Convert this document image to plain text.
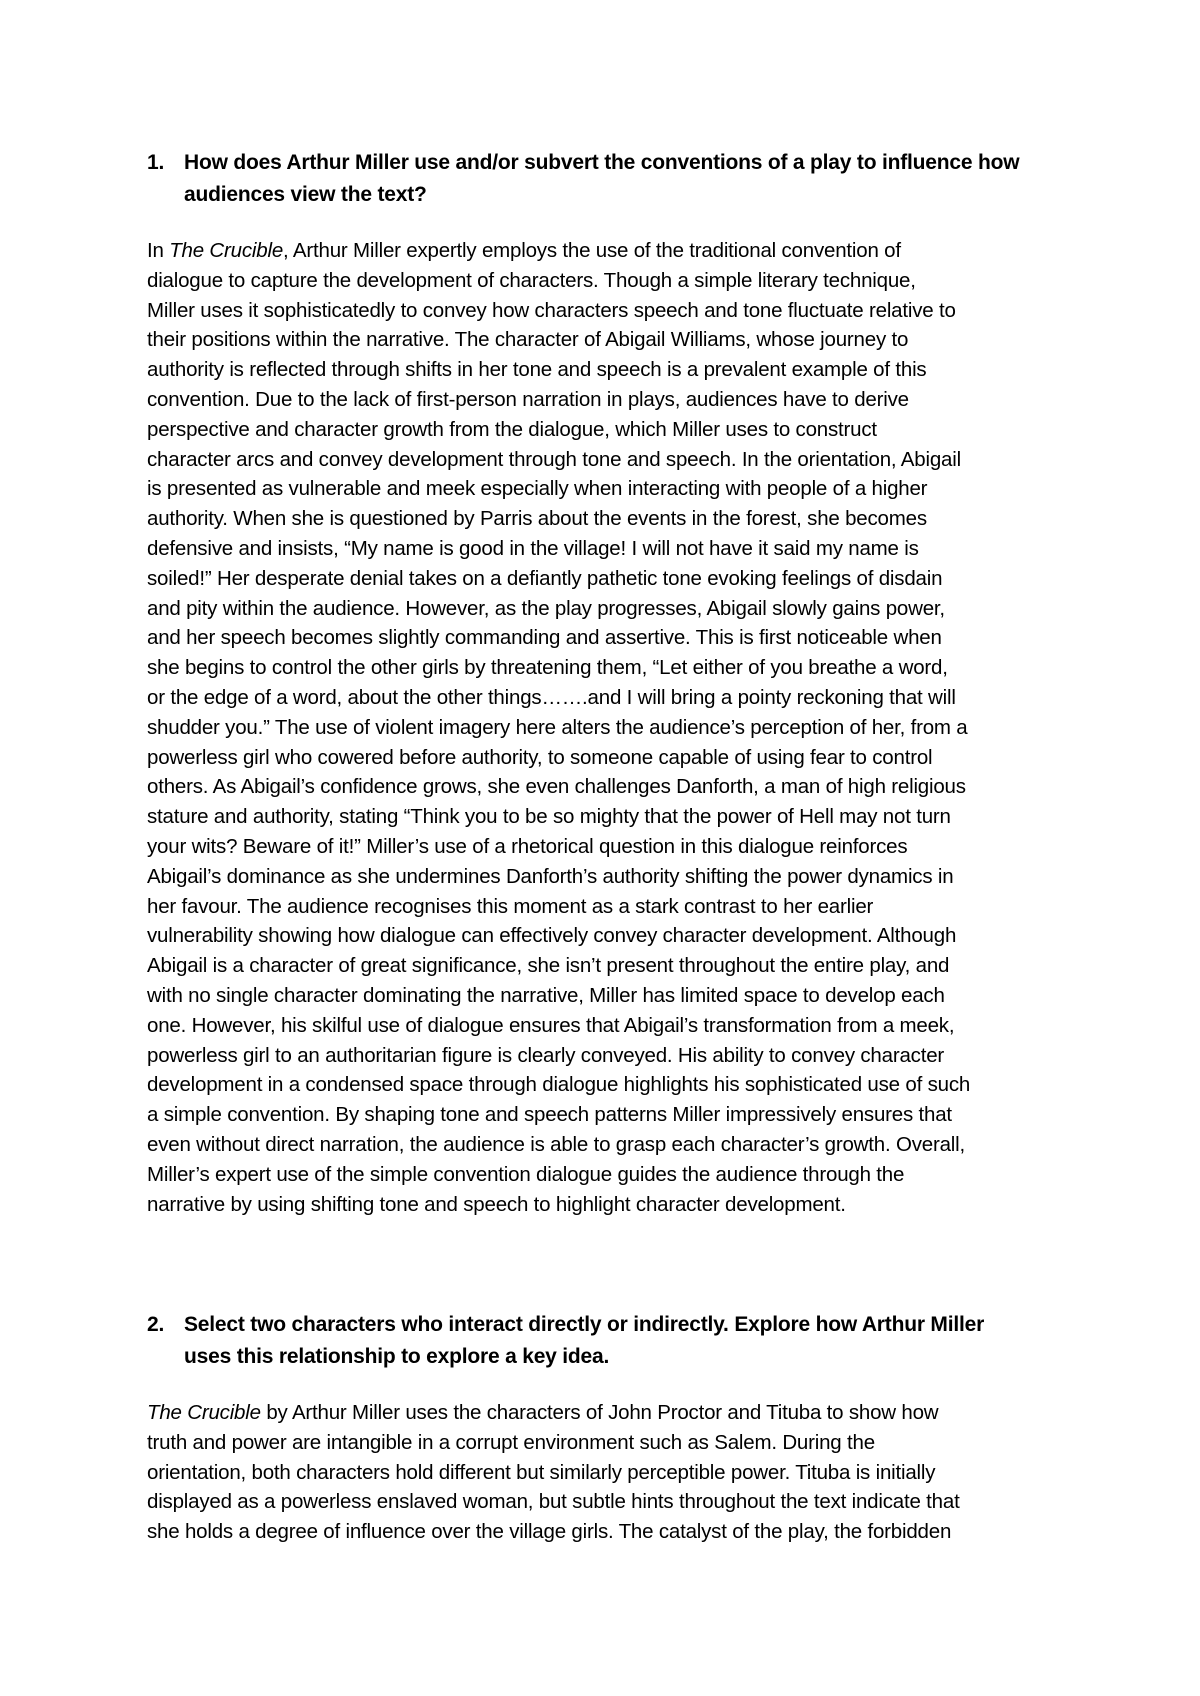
1. How does Arthur Miller use and/or subvert the conventions of a play to influence how
audiences view the text?
In The Crucible, Arthur Miller expertly employs the use of the traditional convention of
dialogue to capture the development of characters. Though a simple literary technique,
Miller uses it sophisticatedly to convey how characters speech and tone fluctuate relative to
their positions within the narrative. The character of Abigail Williams, whose journey to
authority is reflected through shifts in her tone and speech is a prevalent example of this
convention. Due to the lack of first-person narration in plays, audiences have to derive
perspective and character growth from the dialogue, which Miller uses to construct
character arcs and convey development through tone and speech. In the orientation, Abigail
is presented as vulnerable and meek especially when interacting with people of a higher
authority. When she is questioned by Parris about the events in the forest, she becomes
defensive and insists, “My name is good in the village! I will not have it said my name is
soiled!” Her desperate denial takes on a defiantly pathetic tone evoking feelings of disdain
and pity within the audience. However, as the play progresses, Abigail slowly gains power,
and her speech becomes slightly commanding and assertive. This is first noticeable when
she begins to control the other girls by threatening them, “Let either of you breathe a word,
or the edge of a word, about the other things…….and I will bring a pointy reckoning that will
shudder you.” The use of violent imagery here alters the audience’s perception of her, from a
powerless girl who cowered before authority, to someone capable of using fear to control
others. As Abigail’s confidence grows, she even challenges Danforth, a man of high religious
stature and authority, stating “Think you to be so mighty that the power of Hell may not turn
your wits? Beware of it!” Miller’s use of a rhetorical question in this dialogue reinforces
Abigail’s dominance as she undermines Danforth’s authority shifting the power dynamics in
her favour. The audience recognises this moment as a stark contrast to her earlier
vulnerability showing how dialogue can effectively convey character development. Although
Abigail is a character of great significance, she isn’t present throughout the entire play, and
with no single character dominating the narrative, Miller has limited space to develop each
one. However, his skilful use of dialogue ensures that Abigail’s transformation from a meek,
powerless girl to an authoritarian figure is clearly conveyed. His ability to convey character
development in a condensed space through dialogue highlights his sophisticated use of such
a simple convention. By shaping tone and speech patterns Miller impressively ensures that
even without direct narration, the audience is able to grasp each character’s growth. Overall,
Miller’s expert use of the simple convention dialogue guides the audience through the
narrative by using shifting tone and speech to highlight character development.
2. Select two characters who interact directly or indirectly. Explore how Arthur Miller
uses this relationship to explore a key idea.
The Crucible by Arthur Miller uses the characters of John Proctor and Tituba to show how
truth and power are intangible in a corrupt environment such as Salem. During the
orientation, both characters hold different but similarly perceptible power. Tituba is initially
displayed as a powerless enslaved woman, but subtle hints throughout the text indicate that
she holds a degree of influence over the village girls. The catalyst of the play, the forbidden
